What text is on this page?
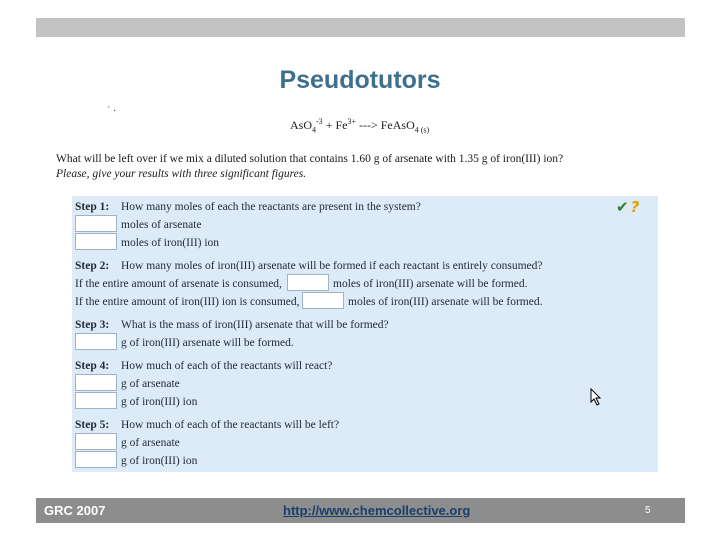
Pseudotutors
` ·
$AsO_4^{-3} + Fe^{3+}$ ---> FeAsO$_{4 (s)}$
What will be left over if we mix a diluted solution that contains 1.60 g of arsenate with 1.35 g of iron(III) ion?
Please, give your results with three significant figures.
✔ ?
Step 1: How many moles of each the reactants are present in the system?
moles of arsenate
moles of iron(III) ion
Step 2: How many moles of iron(III) arsenate will be formed if each reactant is entirely consumed?
If the entire amount of arsenate is consumed,	moles of iron(III) arsenate will be formed.
If the entire amount of iron(III) ion is consumed,	moles of iron(III) arsenate will be formed.
Step 3: What is the mass of iron(III) arsenate that will be formed?
g of iron(III) arsenate will be formed.
Step 4: How much of each of the reactants will react?
g of arsenate
g of iron(III) ion
Step 5: How much of each of the reactants will be left?
g of arsenate
g of iron(III) ion
GRC 2007	http://www.chemcollective.org	5
